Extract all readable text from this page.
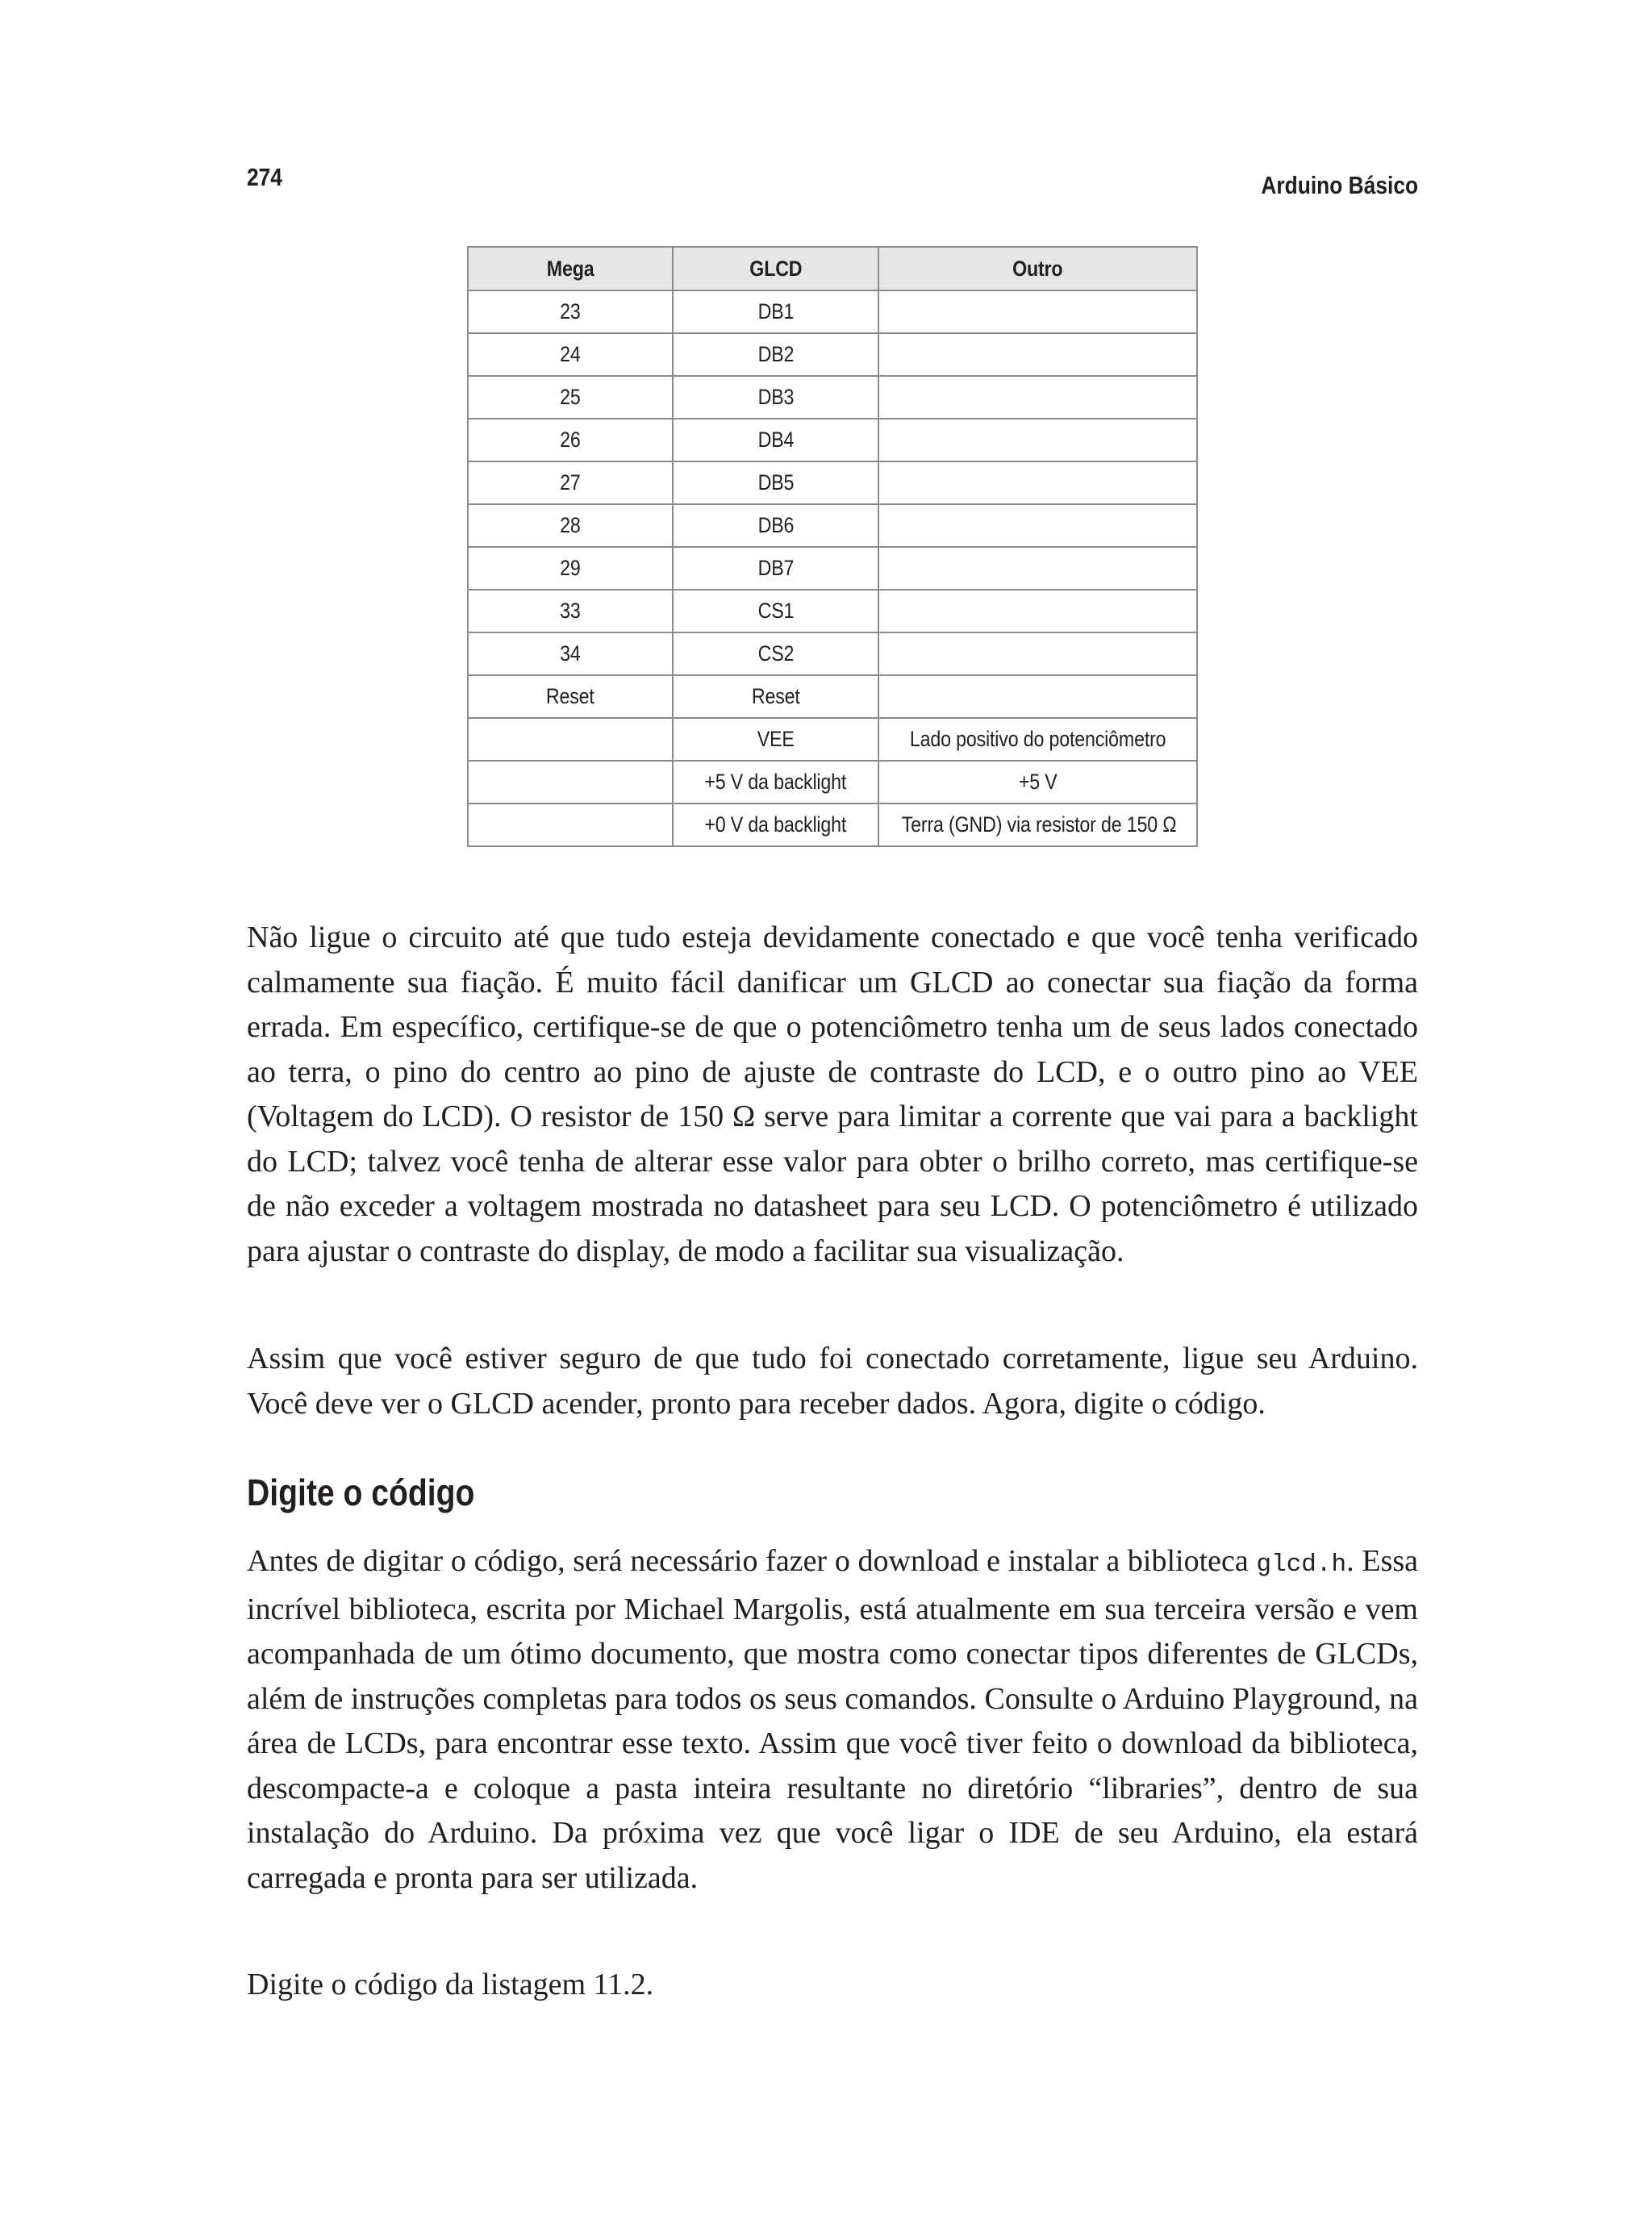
274	Arduino Básico
Mega	GLCD	Outro
23	DB1	
24	DB2	
25	DB3	
26	DB4	
27	DB5	
28	DB6	
29	DB7	
33	CS1	
34	CS2	
Reset	Reset	
	VEE	Lado positivo do potenciômetro
	+5 V da backlight	+5 V
	+0 V da backlight	Terra (GND) via resistor de 150 Ω

Não ligue o circuito até que tudo esteja devidamente conectado e que você tenha verificado calmamente sua fiação. É muito fácil danificar um GLCD ao conectar sua fiação da forma errada. Em específico, certifique-se de que o potenciômetro tenha um de seus lados conectado ao terra, o pino do centro ao pino de ajuste de contraste do LCD, e o outro pino ao VEE (Voltagem do LCD). O resistor de 150 Ω serve para limitar a corrente que vai para a backlight do LCD; talvez você tenha de alterar esse valor para obter o brilho correto, mas certifique-se de não exceder a voltagem mostrada no datasheet para seu LCD. O potenciômetro é utilizado para ajustar o contraste do display, de modo a facilitar sua visualização.

Assim que você estiver seguro de que tudo foi conectado corretamente, ligue seu Arduino. Você deve ver o GLCD acender, pronto para receber dados. Agora, digite o código.

Digite o código

Antes de digitar o código, será necessário fazer o download e instalar a biblioteca glcd.h. Essa incrível biblioteca, escrita por Michael Margolis, está atualmente em sua terceira versão e vem acompanhada de um ótimo documento, que mostra como conectar tipos diferentes de GLCDs, além de instruções completas para todos os seus comandos. Consulte o Arduino Playground, na área de LCDs, para encontrar esse texto. Assim que você tiver feito o download da biblioteca, descompacte-a e coloque a pasta inteira resultante no diretório “libraries”, dentro de sua instalação do Arduino. Da próxima vez que você ligar o IDE de seu Arduino, ela estará carregada e pronta para ser utilizada.

Digite o código da listagem 11.2.
